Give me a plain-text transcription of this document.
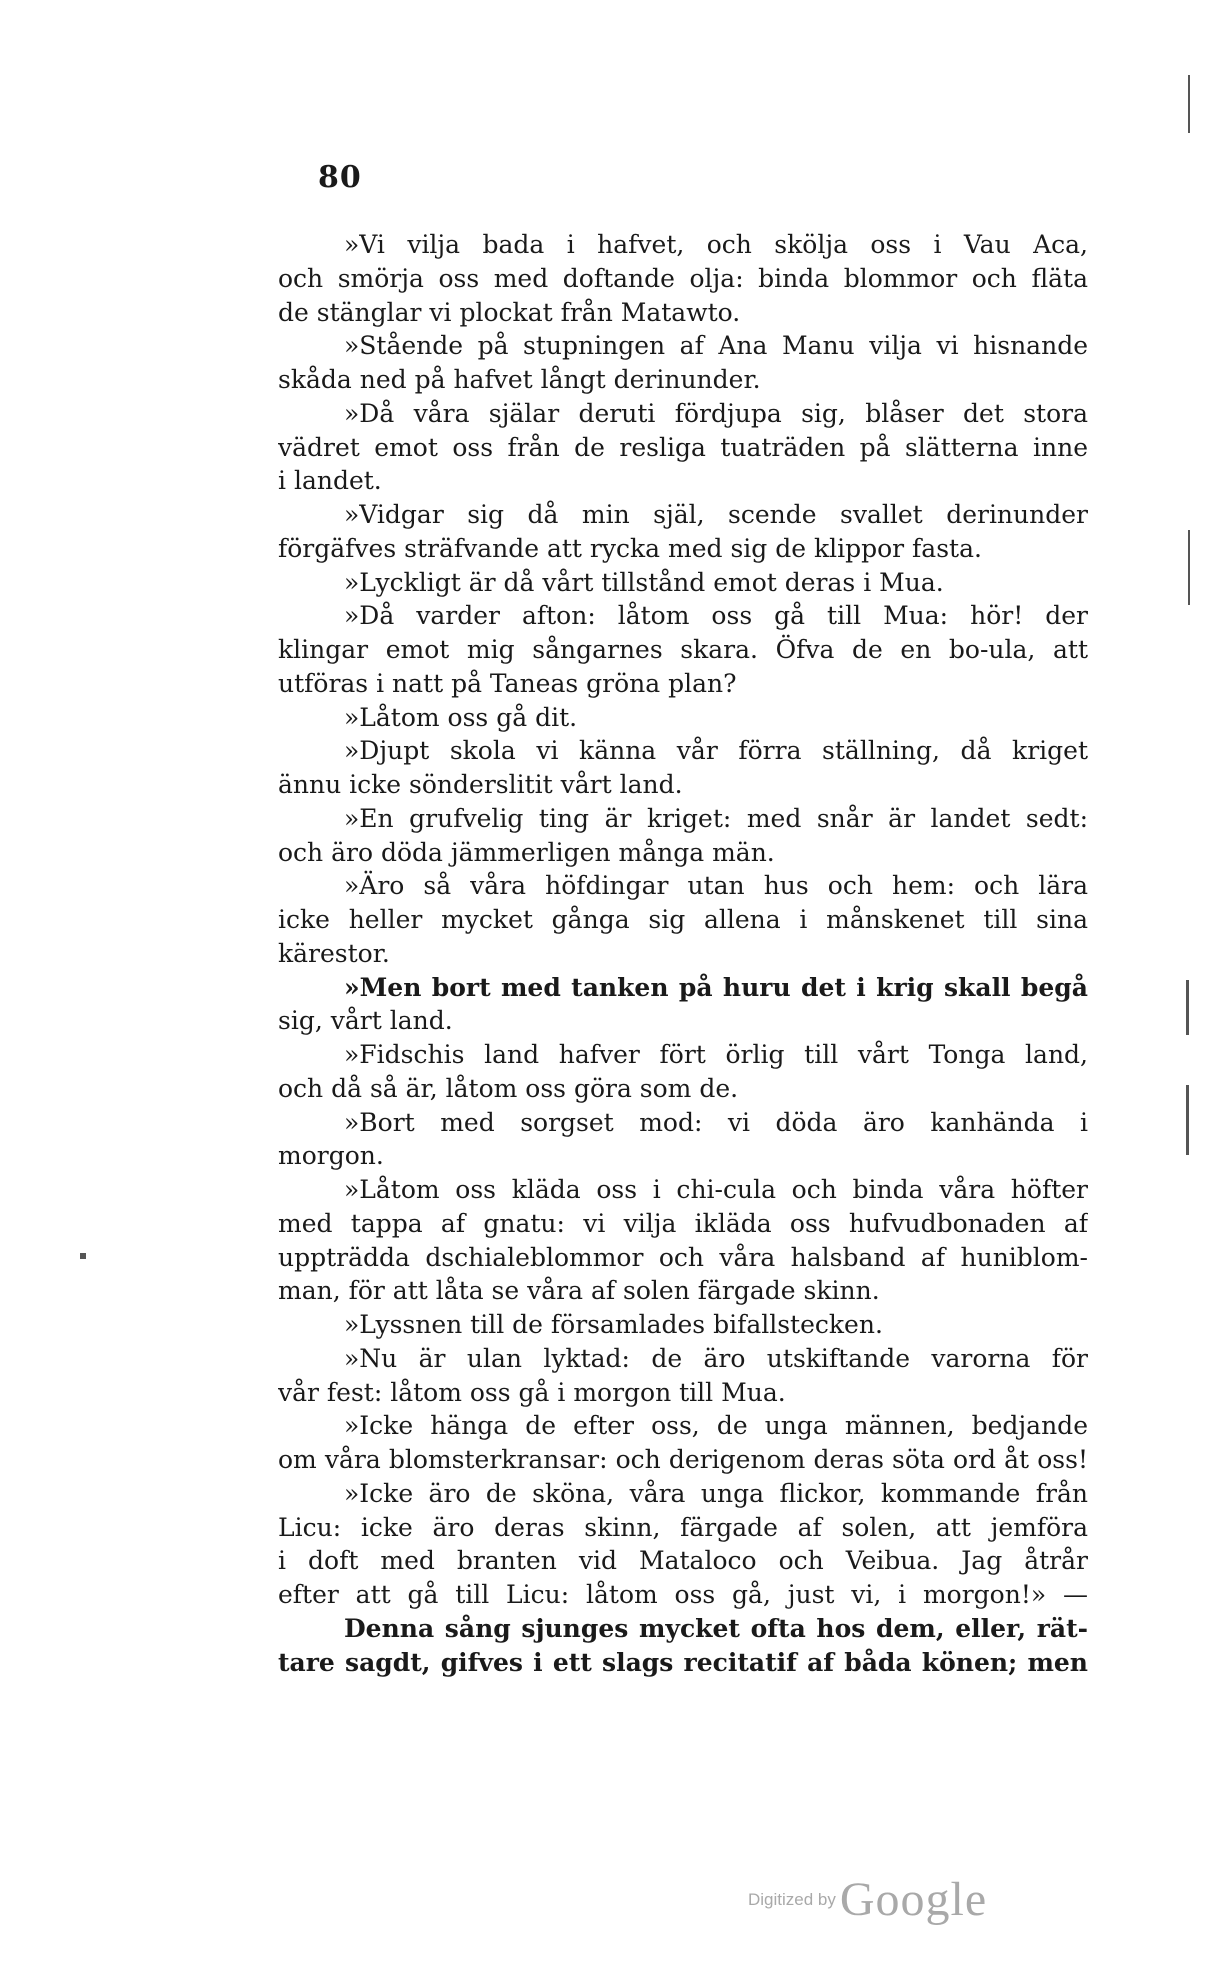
80
»Vi vilja bada i hafvet, och skölja oss i Vau Aca,
och smörja oss med doftande olja: binda blommor och fläta
de stänglar vi plockat från Matawto.
»Stående på stupningen af Ana Manu vilja vi hisnande
skåda ned på hafvet långt derinunder.
»Då våra själar deruti fördjupa sig, blåser det stora
vädret emot oss från de resliga tuaträden på slätterna inne
i landet.
»Vidgar sig då min själ, scende svallet derinunder
förgäfves sträfvande att rycka med sig de klippor fasta.
»Lyckligt är då vårt tillstånd emot deras i Mua.
»Då varder afton: låtom oss gå till Mua: hör! der
klingar emot mig sångarnes skara. Öfva de en bo-ula, att
utföras i natt på Taneas gröna plan?
»Låtom oss gå dit.
»Djupt skola vi känna vår förra ställning, då kriget
ännu icke sönderslitit vårt land.
»En grufvelig ting är kriget: med snår är landet sedt:
och äro döda jämmerligen många män.
»Äro så våra höfdingar utan hus och hem: och lära
icke heller mycket gånga sig allena i månskenet till sina
kärestor.
»Men bort med tanken på huru det i krig skall begå
sig, vårt land.
»Fidschis land hafver fört örlig till vårt Tonga land,
och då så är, låtom oss göra som de.
»Bort med sorgset mod: vi döda äro kanhända i
morgon.
»Låtom oss kläda oss i chi-cula och binda våra höfter
med tappa af gnatu: vi vilja ikläda oss hufvudbonaden af
uppträdda dschialeblommor och våra halsband af huniblom-
man, för att låta se våra af solen färgade skinn.
»Lyssnen till de församlades bifallstecken.
»Nu är ulan lyktad: de äro utskiftande varorna för
vår fest: låtom oss gå i morgon till Mua.
»Icke hänga de efter oss, de unga männen, bedjande
om våra blomsterkransar: och derigenom deras söta ord åt oss!
»Icke äro de sköna, våra unga flickor, kommande från
Licu: icke äro deras skinn, färgade af solen, att jemföra
i doft med branten vid Mataloco och Veibua. Jag åtrår
efter att gå till Licu: låtom oss gå, just vi, i morgon!» —
Denna sång sjunges mycket ofta hos dem, eller, rät-
tare sagdt, gifves i ett slags recitatif af båda könen; men
Digitized byGoogle
